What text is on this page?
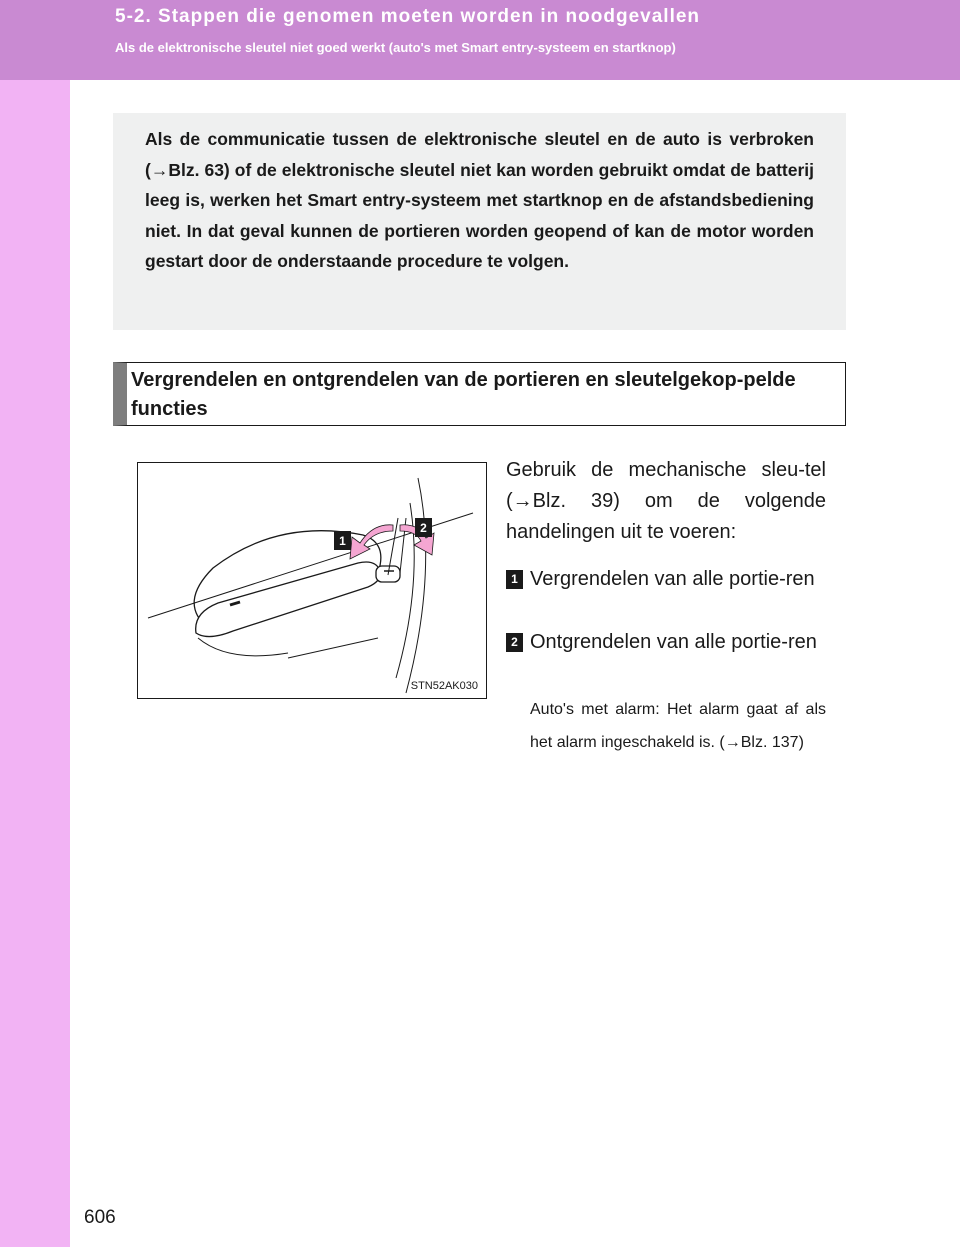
5-2. Stappen die genomen moeten worden in noodgevallen
Als de elektronische sleutel niet goed werkt (auto's met Smart entry-systeem en startknop)

Als de communicatie tussen de elektronische sleutel en de auto is verbroken (→Blz. 63) of de elektronische sleutel niet kan worden gebruikt omdat de batterij leeg is, werken het Smart entry-systeem met startknop en de afstandsbediening niet. In dat geval kunnen de portieren worden geopend of kan de motor worden gestart door de onderstaande procedure te volgen.

Vergrendelen en ontgrendelen van de portieren en sleutelgekop-pelde functies
1
2
STN52AK030

Gebruik de mechanische sleu-tel (→Blz. 39) om de volgende handelingen uit te voeren:

1 Vergrendelen van alle portie-ren

2 Ontgrendelen van alle portie-ren

Auto's met alarm: Het alarm gaat af als het alarm ingeschakeld is. (→Blz. 137)

606
